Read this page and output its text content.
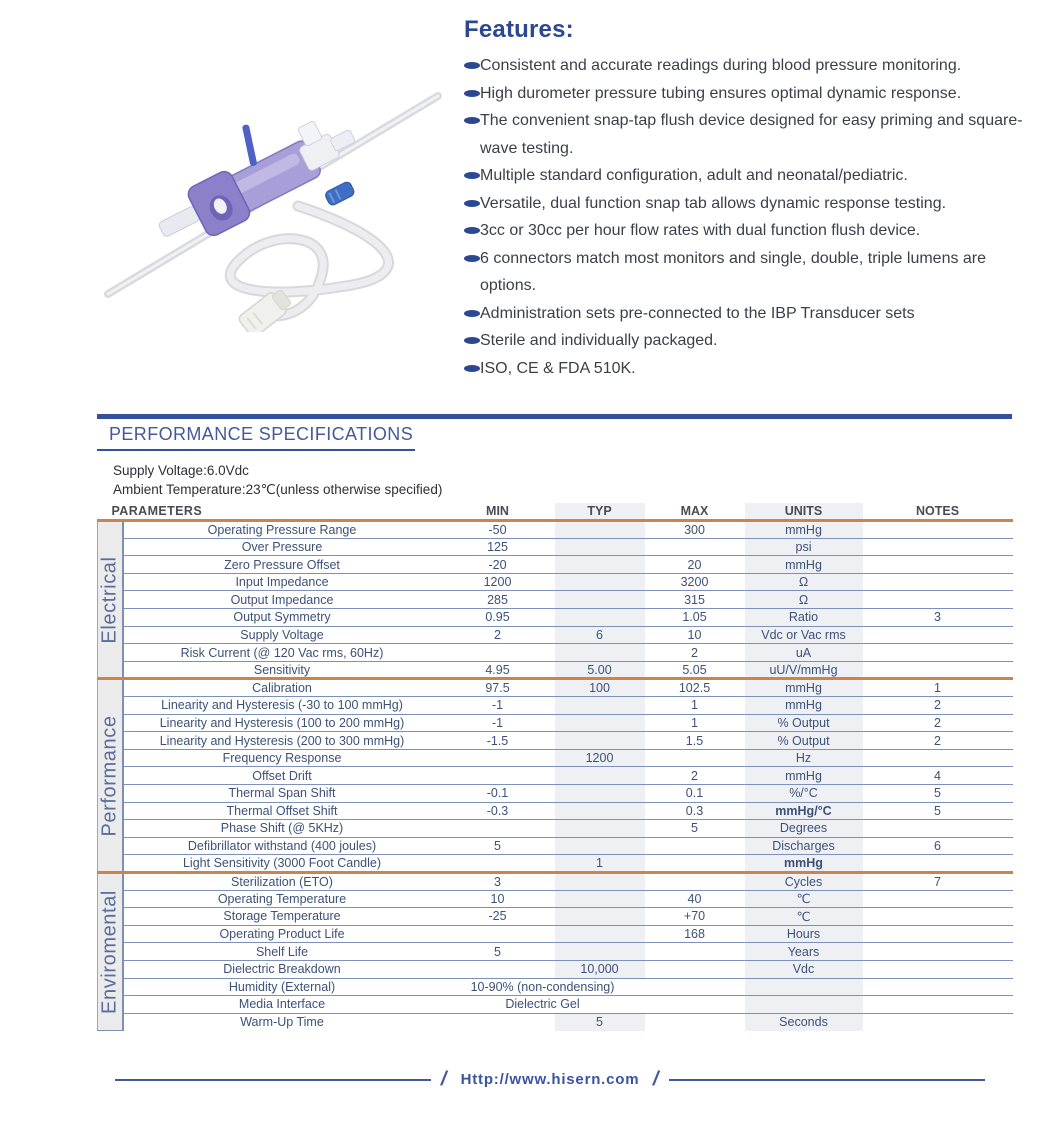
Features:
Consistent and accurate readings during blood pressure monitoring.
High durometer pressure tubing ensures optimal dynamic response.
The convenient snap-tap flush device designed for easy priming and square-wave testing.
Multiple standard configuration, adult and neonatal/pediatric.
Versatile, dual function snap tab allows dynamic response testing.
3cc or 30cc per hour flow rates with dual function flush device.
6 connectors match most monitors and single, double, triple lumens are options.
Administration sets pre-connected to the IBP Transducer sets
Sterile and individually packaged.
ISO, CE & FDA 510K.
PERFORMANCE SPECIFICATIONS
Supply Voltage:6.0Vdc
Ambient Temperature:23℃(unless otherwise specified)
PARAMETERS		MIN	TYP	MAX	UNITS	NOTES

Electrical	Operating Pressure Range	-50		300	mmHg	
	Over Pressure	125			psi	
	Zero Pressure Offset	-20		20	mmHg	
	Input Impedance	1200		3200	Ω	
	Output Impedance	285		315	Ω	
	Output Symmetry	0.95		1.05	Ratio	3
	Supply Voltage	2	6	10	Vdc or Vac rms	
	Risk Current (@ 120 Vac rms, 60Hz)			2	uA	
	Sensitivity	4.95	5.00	5.05	uU/V/mmHg	

Performance	Calibration	97.5	100	102.5	mmHg	1
	Linearity and Hysteresis (-30 to 100 mmHg)	-1		1	mmHg	2
	Linearity and Hysteresis (100 to 200 mmHg)	-1		1	% Output	2
	Linearity and Hysteresis (200 to 300 mmHg)	-1.5		1.5	% Output	2
	Frequency Response		1200		Hz	
	Offset Drift			2	mmHg	4
	Thermal Span Shift	-0.1		0.1	%/°C	5
	Thermal Offset Shift	-0.3		0.3	mmHg/°C	5
	Phase Shift (@ 5KHz)			5	Degrees	
	Defibrillator withstand (400 joules)	5			Discharges	6
	Light Sensitivity (3000 Foot Candle)		1		mmHg	

Enviromental	Sterilization (ETO)	3			Cycles	7
	Operating Temperature	10		40	℃	
	Storage Temperature	-25		+70	℃	
	Operating Product Life			168	Hours	
	Shelf Life	5			Years	
	Dielectric Breakdown		10,000		Vdc	
	Humidity (External)	10-90% (non-condensing)				
	Media Interface	Dielectric Gel				
	Warm-Up Time		5		Seconds	
/ Http://www.hisern.com /
